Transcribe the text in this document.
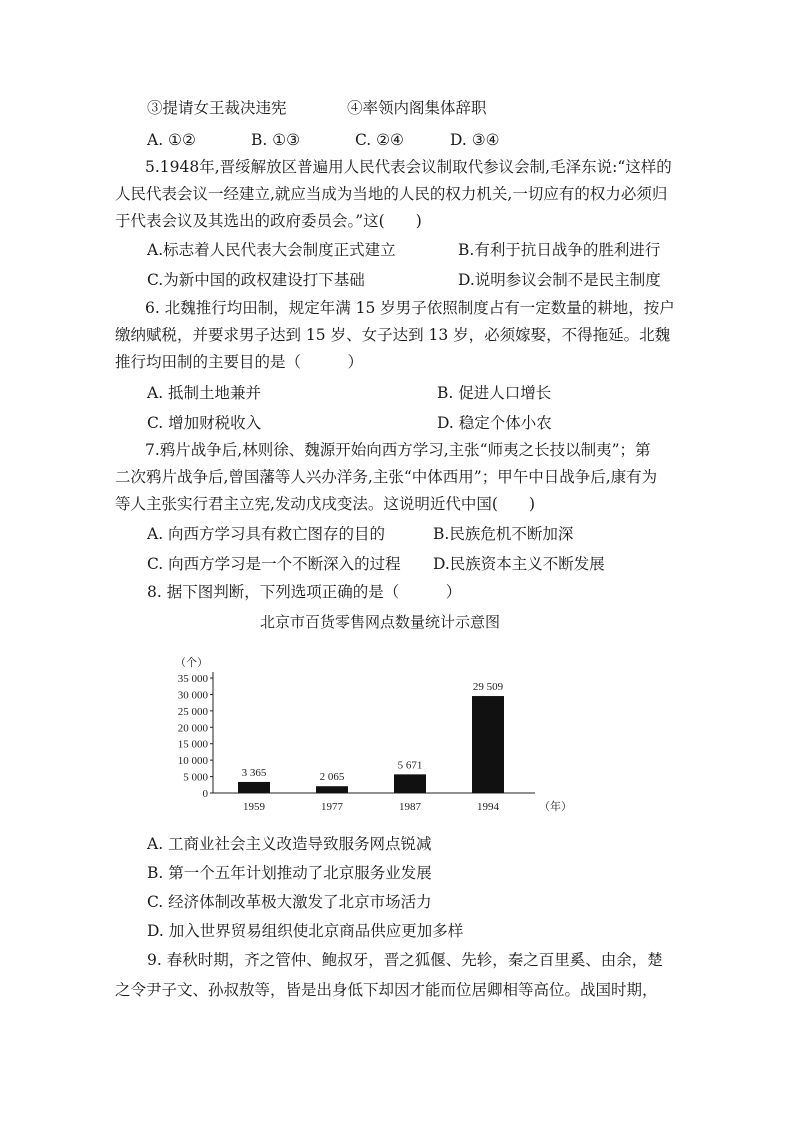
③提请女王裁决违宪	④率领内阁集体辞职
A. ①②	B. ①③	C. ②④	D. ③④
5.1948年,晋绥解放区普遍用人民代表会议制取代参议会制,毛泽东说:“这样的
人民代表会议一经建立,就应当成为当地的人民的权力机关,一切应有的权力必须归
于代表会议及其选出的政府委员会。”这(　　)
A.标志着人民代表大会制度正式建立	B.有利于抗日战争的胜利进行
C.为新中国的政权建设打下基础	D.说明参议会制不是民主制度
6. 北魏推行均田制，规定年满 15 岁男子依照制度占有一定数量的耕地，按户
缴纳赋税，并要求男子达到 15 岁、女子达到 13 岁，必须嫁娶，不得拖延。北魏
推行均田制的主要目的是（　　　）
A. 抵制土地兼并	B. 促进人口增长
C. 增加财税收入	D. 稳定个体小农
7.鸦片战争后,林则徐、魏源开始向西方学习,主张“师夷之长技以制夷”；第
二次鸦片战争后,曾国藩等人兴办洋务,主张“中体西用”；甲午中日战争后,康有为
等人主张实行君主立宪,发动戊戌变法。这说明近代中国(　　)
A. 向西方学习具有救亡图存的目的	B.民族危机不断加深
C. 向西方学习是一个不断深入的过程 D.民族资本主义不断发展
8. 据下图判断，下列选项正确的是（　　　）
北京市百货零售网点数量统计示意图
（个）
（年）
0
5 000
10 000
15 000
20 000
25 000
30 000
35 000
3 365
1959
2 065
1977
5 671
1987
29 509
1994
A. 工商业社会主义改造导致服务网点锐减
B. 第一个五年计划推动了北京服务业发展
C. 经济体制改革极大激发了北京市场活力
D. 加入世界贸易组织使北京商品供应更加多样
9. 春秋时期，齐之管仲、鲍叔牙，晋之狐偃、先轸，秦之百里奚、由余，楚
之令尹子文、孙叔敖等，皆是出身低下却因才能而位居卿相等高位。战国时期，
